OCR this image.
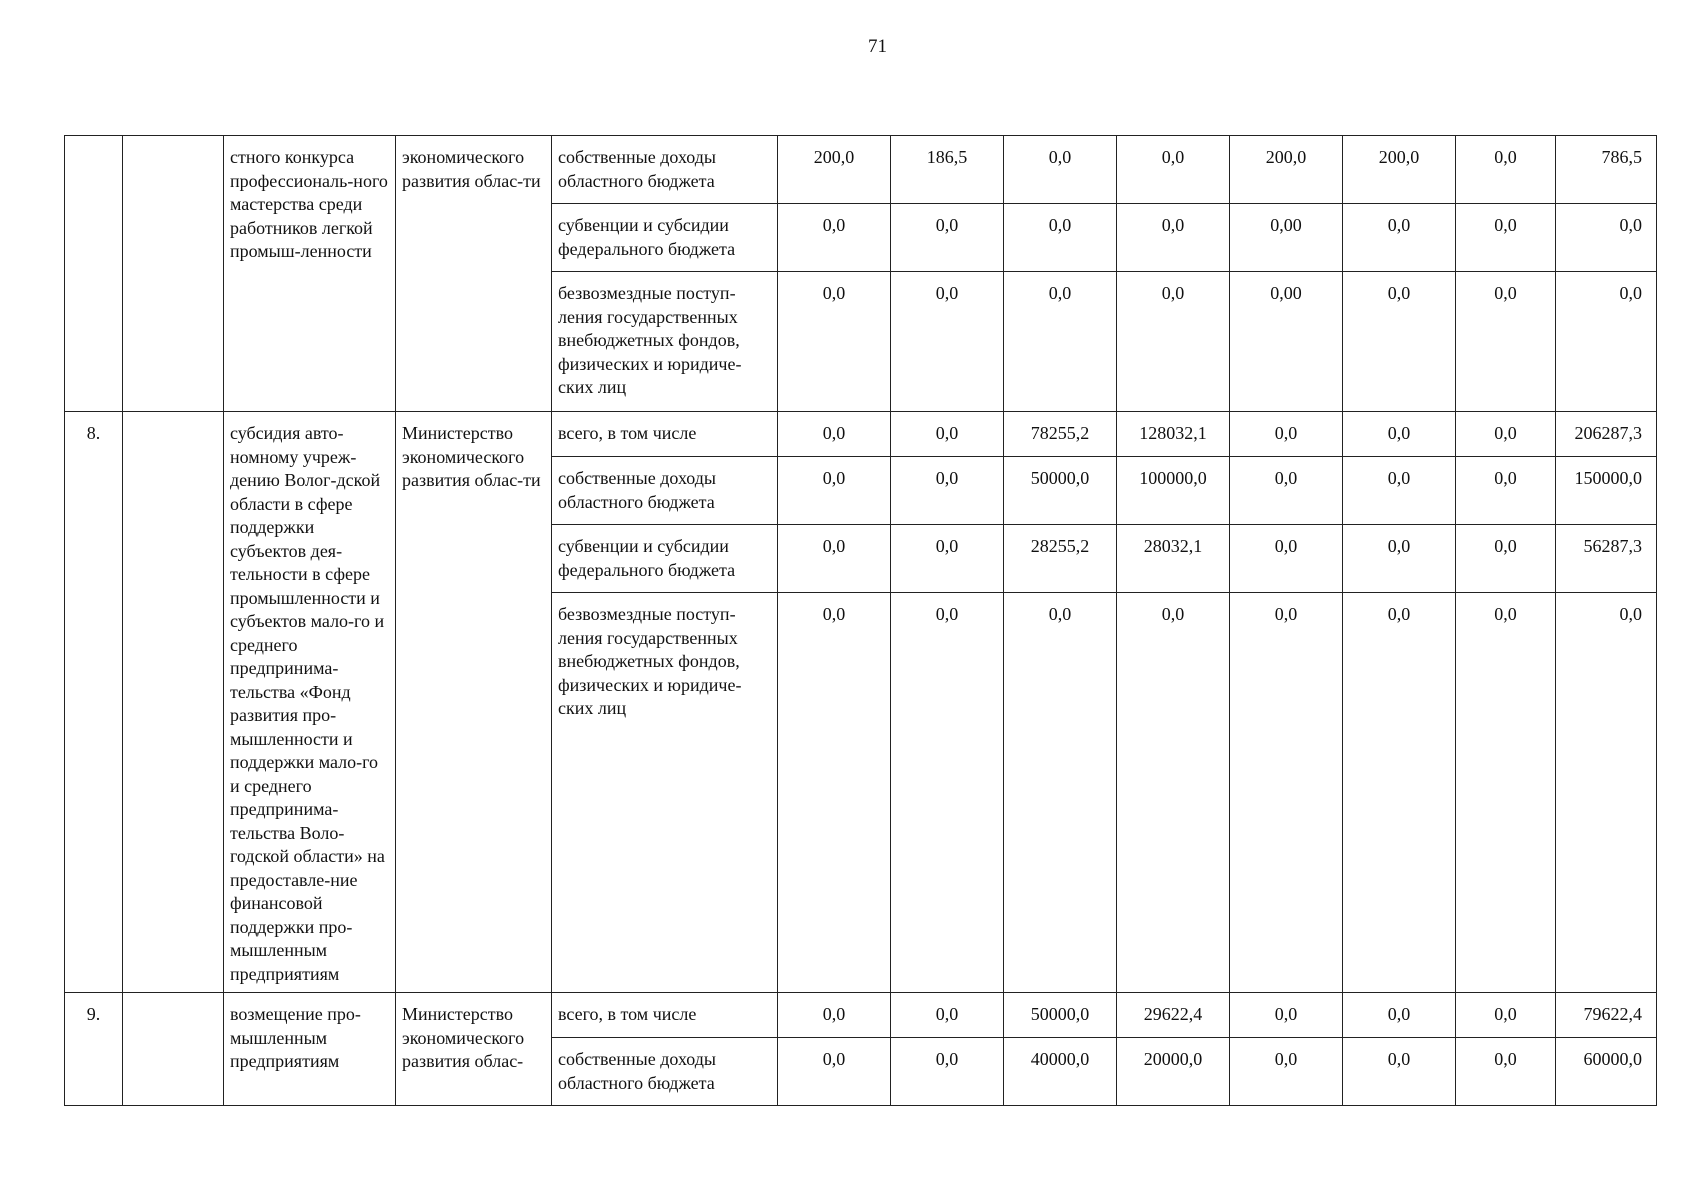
71
		стного конкурса профессиональ-ного мастерства среди работников легкой промыш-ленности	экономического развития облас-ти	собственные доходы областного бюджета	200,0	186,5	0,0	0,0	200,0	200,0	0,0	786,5
				субвенции и субсидии федерального бюджета	0,0	0,0	0,0	0,0	0,00	0,0	0,0	0,0
				безвозмездные поступ-ления государственных внебюджетных фондов, физических и юридиче-ских лиц	0,0	0,0	0,0	0,0	0,00	0,0	0,0	0,0
8.		субсидия авто-номному учреж-дению Волог-дской области в сфере поддержки субъектов дея-тельности в сфере промышленности и субъектов мало-го и среднего предпринима-тельства «Фонд развития про-мышленности и поддержки мало-го и среднего предпринима-тельства Воло-годской области» на предоставле-ние финансовой поддержки про-мышленным предприятиям	Министерство экономического развития облас-ти	всего, в том числе	0,0	0,0	78255,2	128032,1	0,0	0,0	0,0	206287,3
				собственные доходы областного бюджета	0,0	0,0	50000,0	100000,0	0,0	0,0	0,0	150000,0
				субвенции и субсидии федерального бюджета	0,0	0,0	28255,2	28032,1	0,0	0,0	0,0	56287,3
				безвозмездные поступ-ления государственных внебюджетных фондов, физических и юридиче-ских лиц	0,0	0,0	0,0	0,0	0,0	0,0	0,0	0,0
9.		возмещение про-мышленным предприятиям	Министерство экономического развития облас-	всего, в том числе	0,0	0,0	50000,0	29622,4	0,0	0,0	0,0	79622,4
				собственные доходы областного бюджета	0,0	0,0	40000,0	20000,0	0,0	0,0	0,0	60000,0
